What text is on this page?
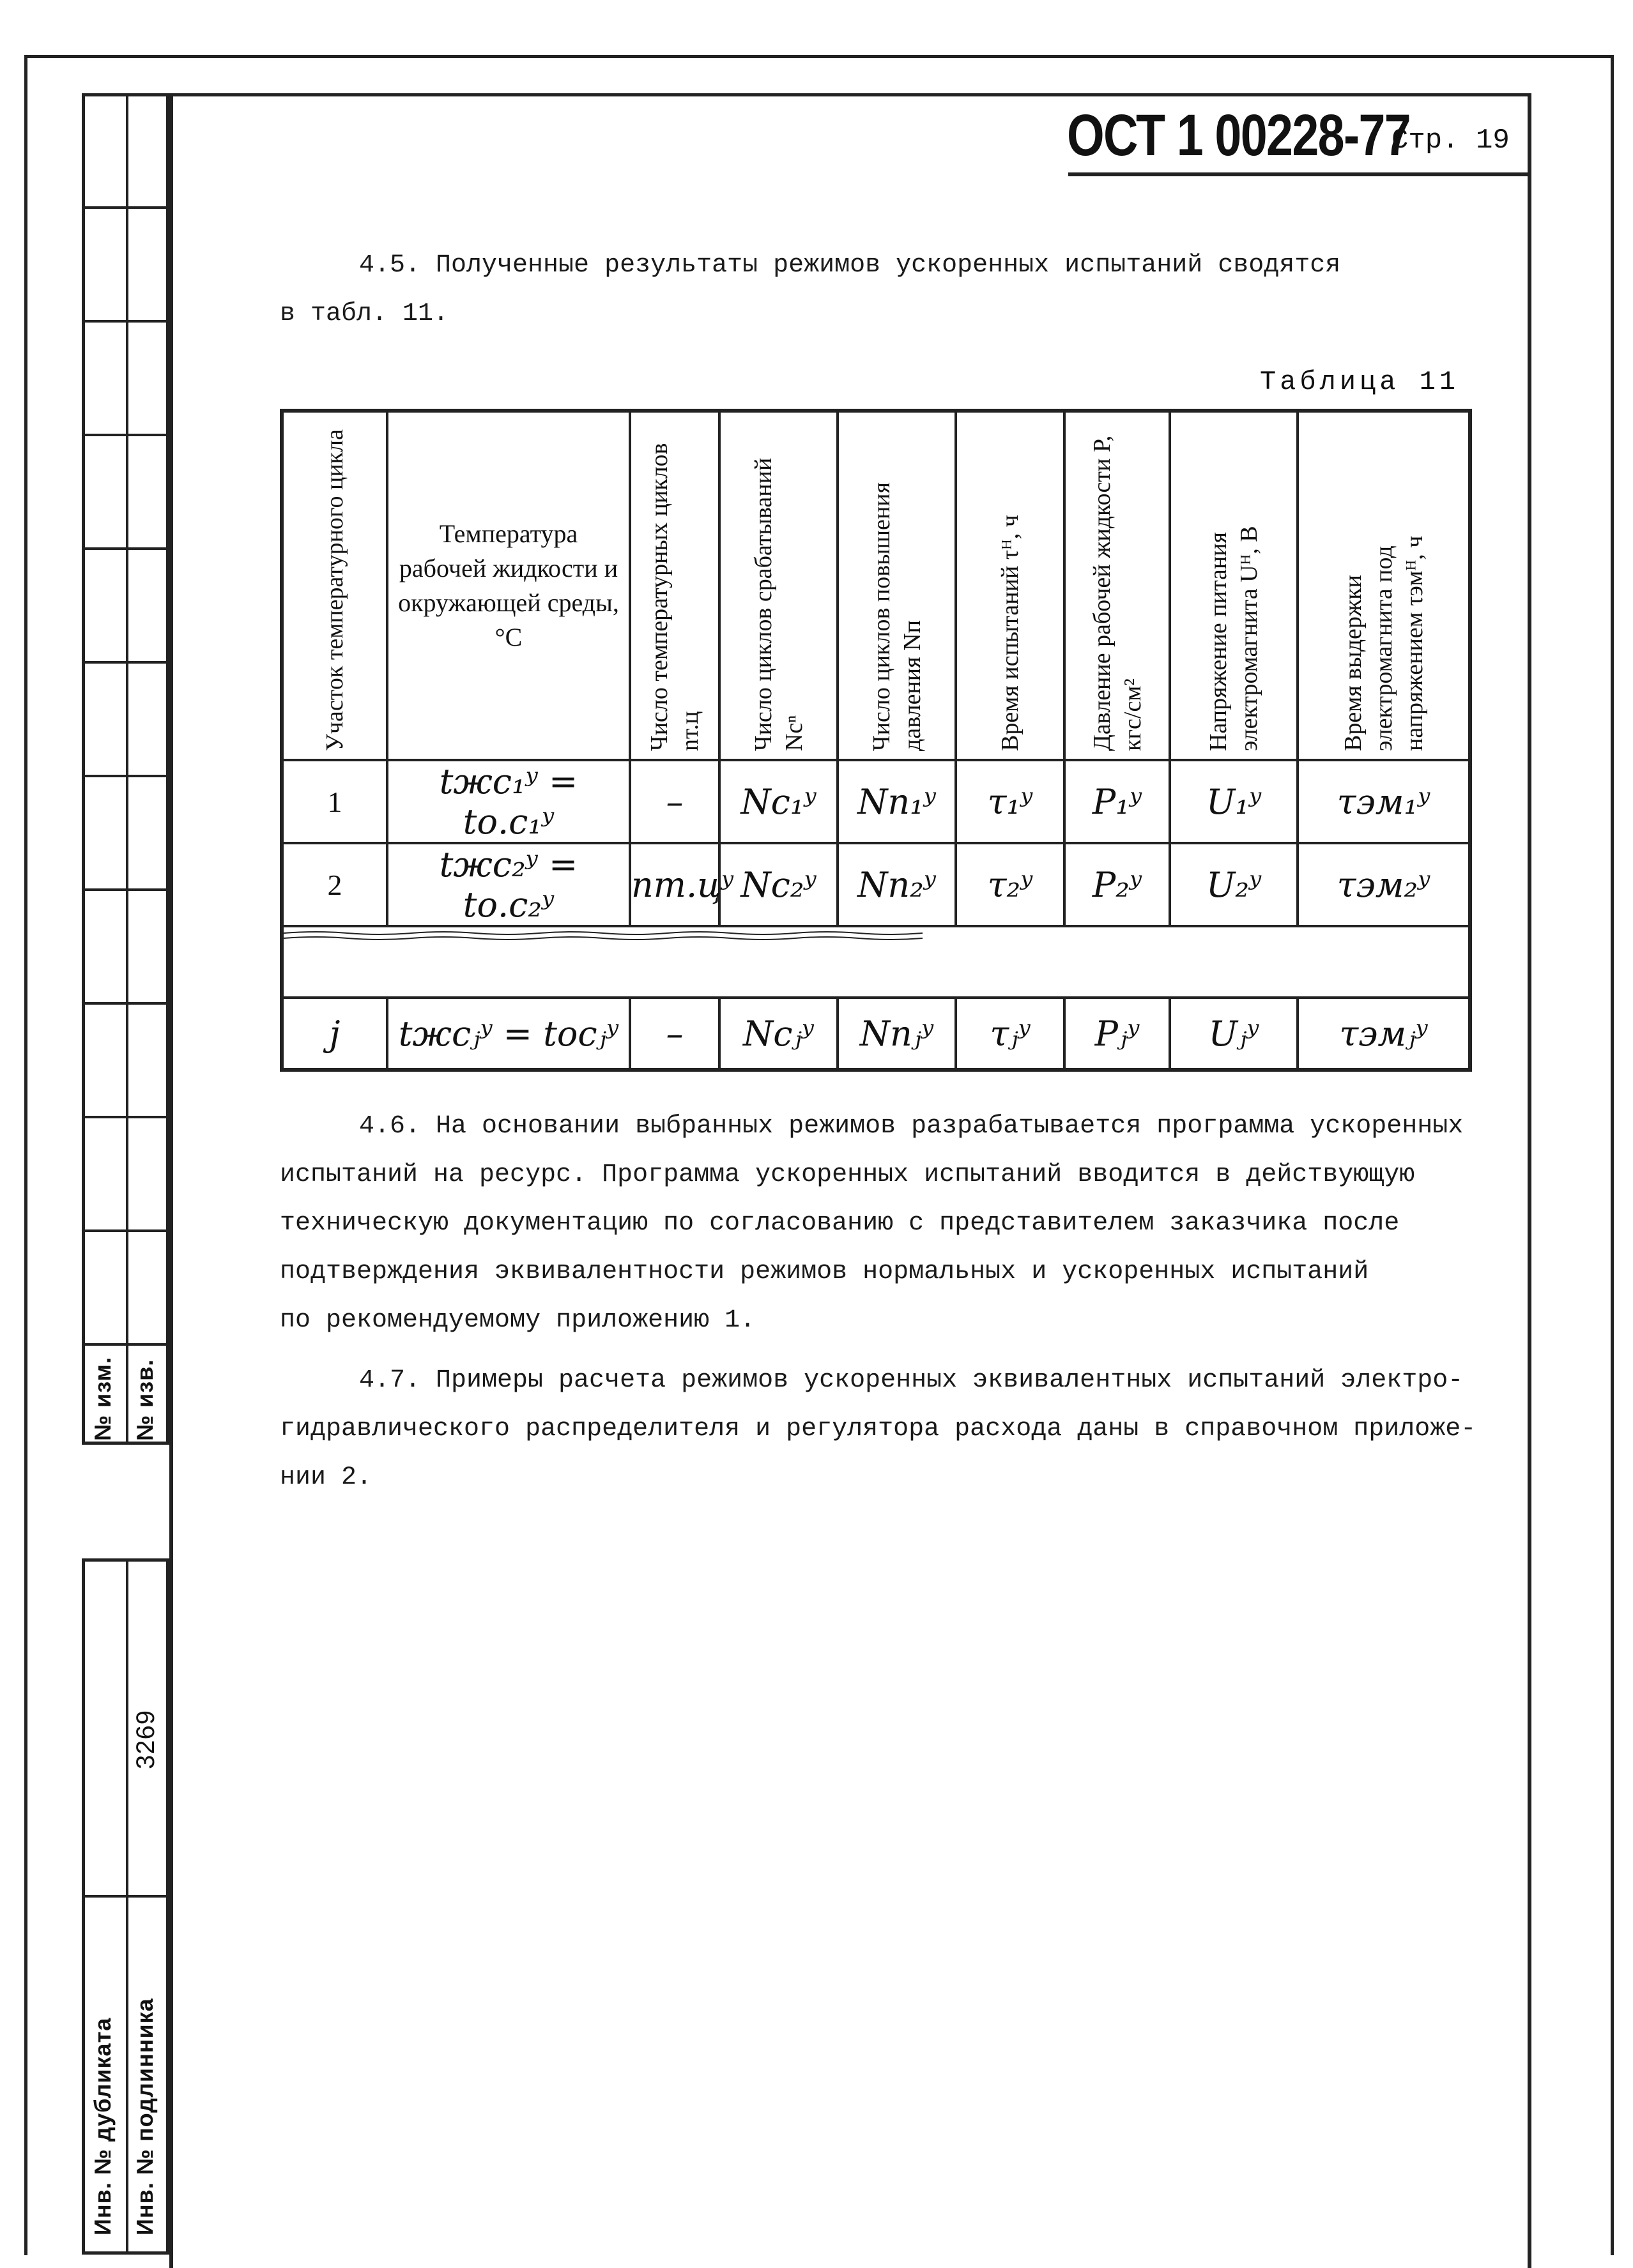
№ изм. № изв.
3269
Инв. № дубликата Инв. № подлинника
ОСТ 1 00228-77
Стр. 19
4.5. Полученные результаты режимов ускоренных испытаний сводятся
в табл. 11.
Таблица 11
Участок температурного цикла	Температура рабочей жидкости и окружающей среды, °С	Число температурных циклов nт.ц	Число циклов срабатываний Nсⁿ	Число циклов повышения давления Nп	Время испытаний τᴴ, ч	Давление рабочей жидкости P, кгс/см²	Напряжение питания электромагнита Uᴴ, В	Время выдержки электромагнита под напряжением τэмᴴ, ч

1	tжс₁ʸ = tо.с₁ʸ	–	Nс₁ʸ	Nп₁ʸ	τ₁ʸ	P₁ʸ	U₁ʸ	τэм₁ʸ
2	tжс₂ʸ = tо.с₂ʸ	nт.цʸ	Nс₂ʸ	Nп₂ʸ	τ₂ʸ	P₂ʸ	U₂ʸ	τэм₂ʸ

j	tжсⱼʸ = tосⱼʸ	–	Nсⱼʸ	Nпⱼʸ	τⱼʸ	Pⱼʸ	Uⱼʸ	τэмⱼʸ
4.6. На основании выбранных режимов разрабатывается программа ускоренных
испытаний на ресурс. Программа ускоренных испытаний вводится в действующую
техническую документацию по согласованию с представителем заказчика после
подтверждения эквивалентности режимов нормальных и ускоренных испытаний
по рекомендуемому приложению 1.
4.7. Примеры расчета режимов ускоренных эквивалентных испытаний электро-
гидравлического распределителя и регулятора расхода даны в справочном приложе-
нии 2.
